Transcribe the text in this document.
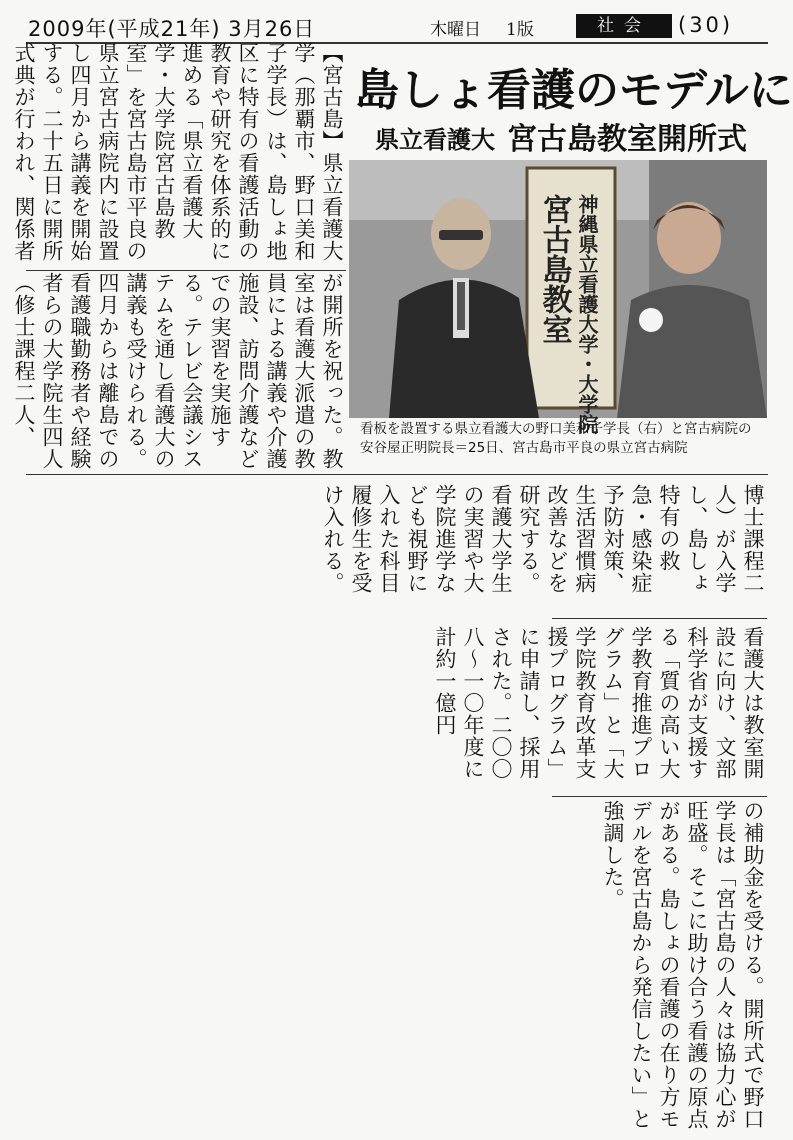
2009年(平成21年) 3月26日	木曜日 1版	社会	(30)
【宮古島】県立看護大学（那覇市、野口美和子学長）は、島しょ地区に特有の看護活動の教育や研究を体系的に進める「県立看護大学・大学院宮古島教室」を宮古島市平良の県立宮古病院内に設置し四月から講義を開始する。二十五日に開所式典が行われ、関係者
が開所を祝った。教室は看護大派遣の教員による講義や介護施設、訪問介護などでの実習を実施する。テレビ会議システムを通し看護大の講義も受けられる。四月からは離島での看護職勤務者や経験者らの大学院生四人（修士課程二人、
島しょ看護のモデルに
県立看護大 宮古島教室開所式
神縄県立看護大学・大学院
宮古島教室
看板を設置する県立看護大の野口美和子学長（右）と宮古病院の安谷屋正明院長＝25日、宮古島市平良の県立宮古病院
博士課程二人）が入学し、島しょ特有の救急・感染症予防対策、生活習慣病改善などを研究する。看護大学生の実習や大学院進学なども視野に入れた科目履修生を受け入れる。
看護大は教室開設に向け、文部科学省が支援する「質の高い大学教育推進プログラム」と「大学院教育改革支援プログラム」に申請し、採用された。二〇〇八～一〇年度に計約一億円
の補助金を受ける。開所式で野口学長は「宮古島の人々は協力心が旺盛。そこに助け合う看護の原点がある。島しょの看護の在り方モデルを宮古島から発信したい」と強調した。
